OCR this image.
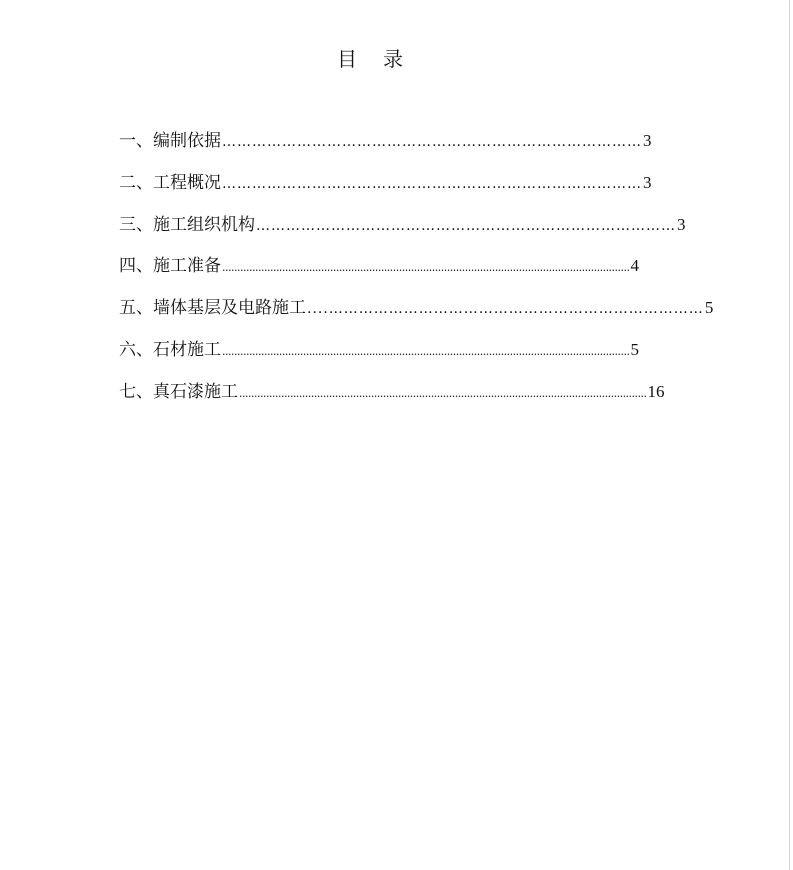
目 录
一、编制依据 ………………………………………………………………………… 3
二、工程概况 ………………………………………………………………………… 3
三、施工组织机构 ………………………………………………………………………… 3
四、施工准备 ........................................................................................................................................ 4
五、墙体基层及电路施工 ....………………………………………………………………… 5
六、石材施工 ........................................................................................................................................ 5
七、真石漆施工 ........................................................................................................................................ 16
